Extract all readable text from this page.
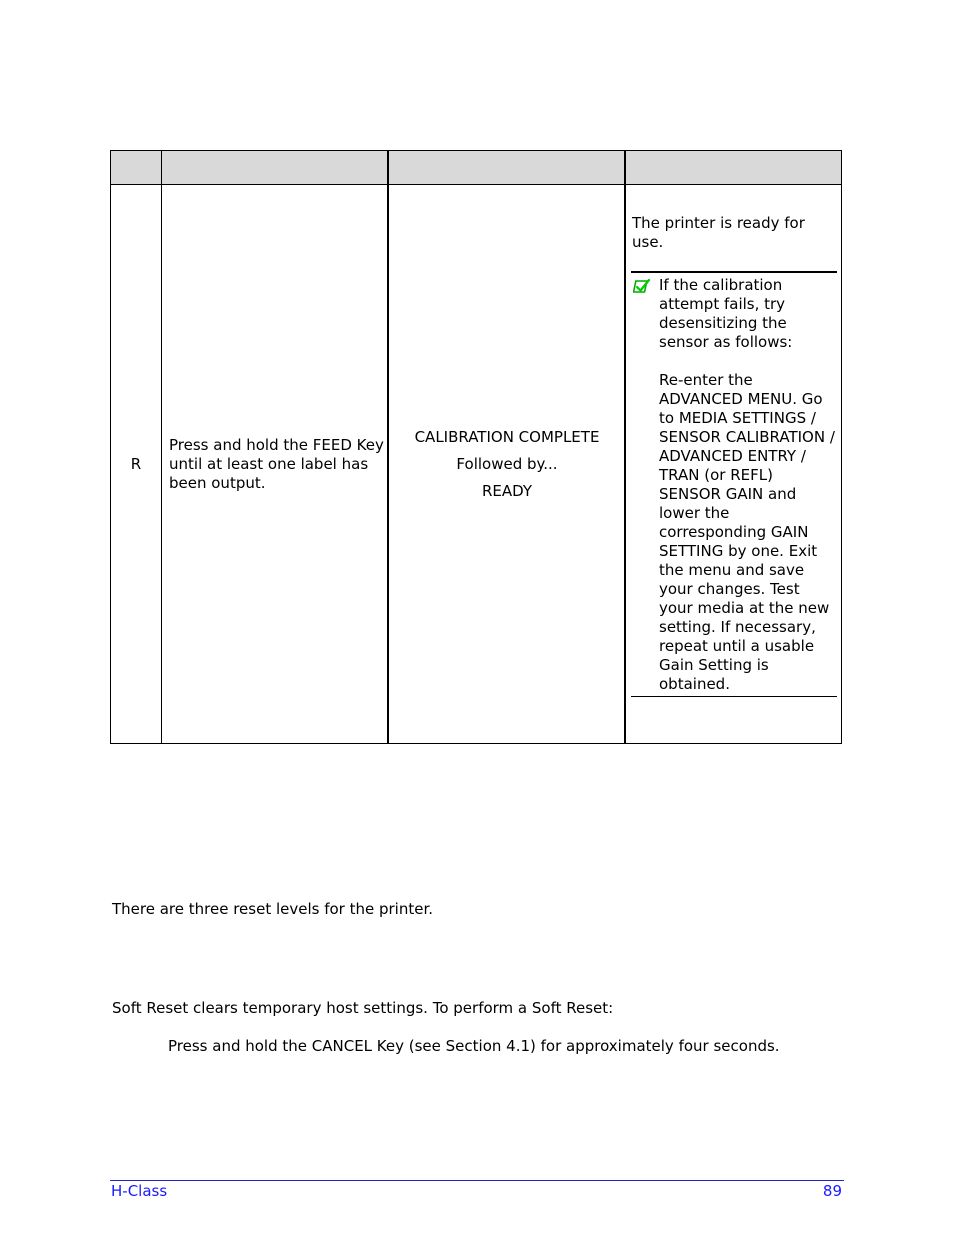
R
Press and hold the FEED Key until at least one label has been output.
CALIBRATION COMPLETE
Followed by...
READY
The printer is ready for use.

If the calibration attempt fails, try desensitizing the sensor as follows:

Re-enter the ADVANCED MENU. Go to MEDIA SETTINGS / SENSOR CALIBRATION / ADVANCED ENTRY / TRAN (or REFL) SENSOR GAIN and lower the corresponding GAIN SETTING by one. Exit the menu and save your changes. Test your media at the new setting. If necessary, repeat until a usable Gain Setting is obtained.

There are three reset levels for the printer.
Soft Reset clears temporary host settings. To perform a Soft Reset:
Press and hold the CANCEL Key (see Section 4.1) for approximately four seconds.
H-Class	89
